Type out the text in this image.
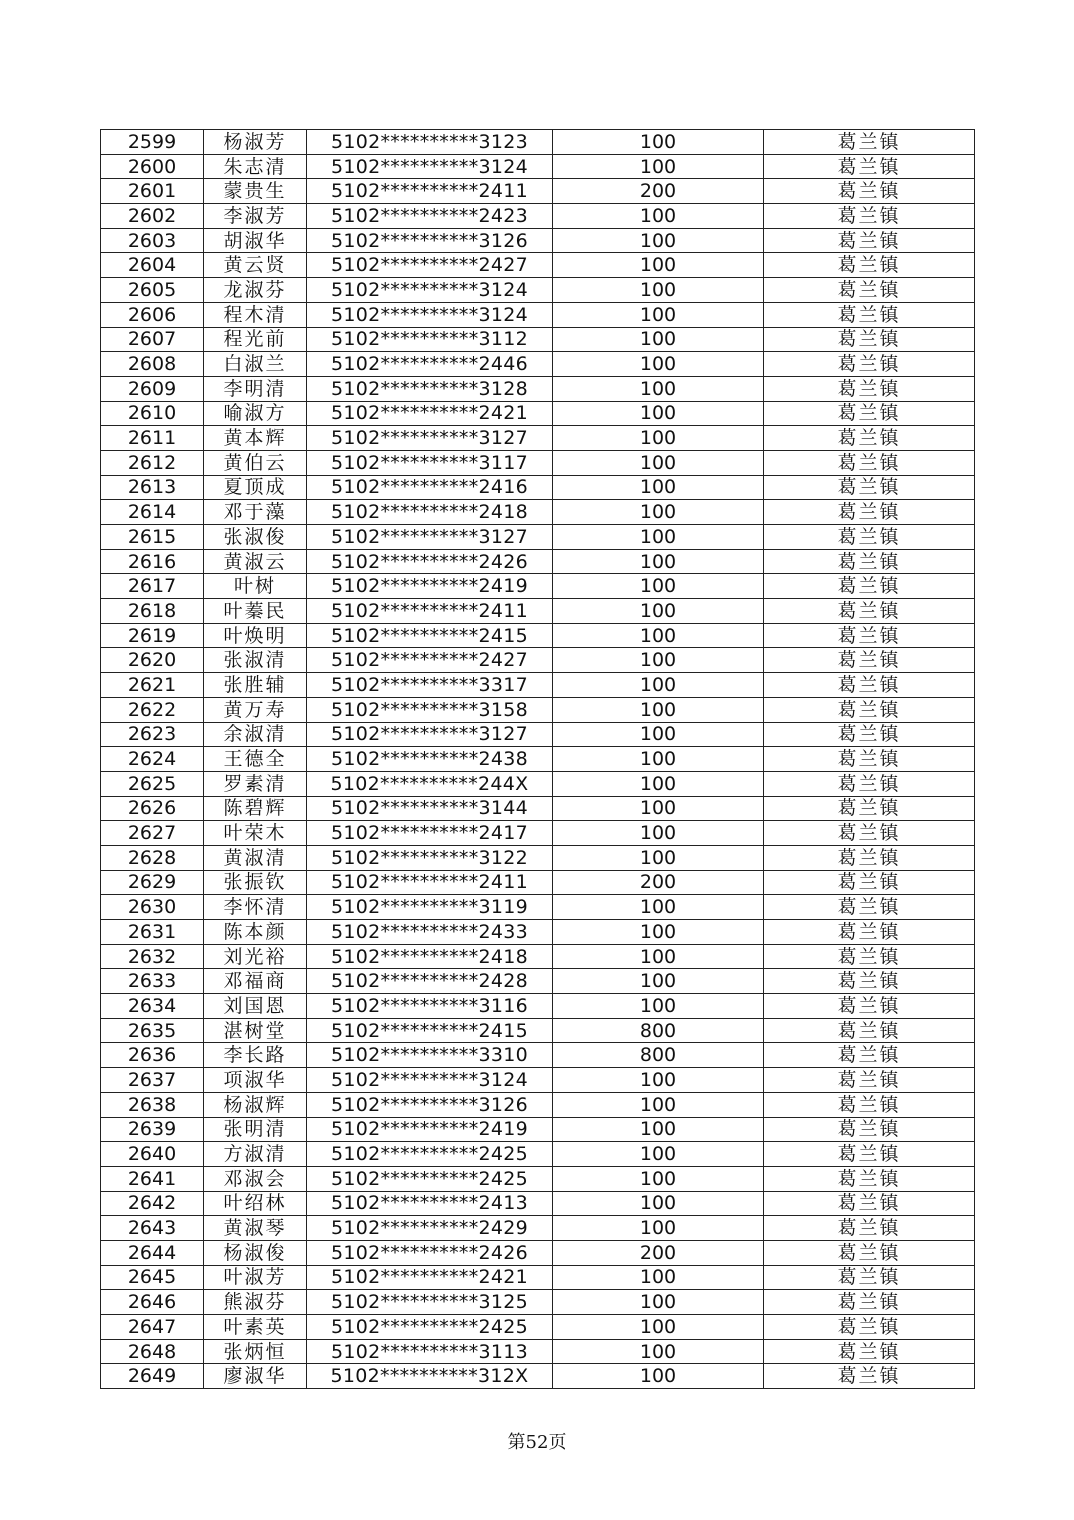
2599	杨淑芳	5102**********3123	100	葛兰镇
2600	朱志清	5102**********3124	100	葛兰镇
2601	蒙贵生	5102**********2411	200	葛兰镇
2602	李淑芳	5102**********2423	100	葛兰镇
2603	胡淑华	5102**********3126	100	葛兰镇
2604	黄云贤	5102**********2427	100	葛兰镇
2605	龙淑芬	5102**********3124	100	葛兰镇
2606	程木清	5102**********3124	100	葛兰镇
2607	程光前	5102**********3112	100	葛兰镇
2608	白淑兰	5102**********2446	100	葛兰镇
2609	李明清	5102**********3128	100	葛兰镇
2610	喻淑方	5102**********2421	100	葛兰镇
2611	黄本辉	5102**********3127	100	葛兰镇
2612	黄伯云	5102**********3117	100	葛兰镇
2613	夏顶成	5102**********2416	100	葛兰镇
2614	邓于藻	5102**********2418	100	葛兰镇
2615	张淑俊	5102**********3127	100	葛兰镇
2616	黄淑云	5102**********2426	100	葛兰镇
2617	叶树	5102**********2419	100	葛兰镇
2618	叶蓁民	5102**********2411	100	葛兰镇
2619	叶焕明	5102**********2415	100	葛兰镇
2620	张淑清	5102**********2427	100	葛兰镇
2621	张胜辅	5102**********3317	100	葛兰镇
2622	黄万寿	5102**********3158	100	葛兰镇
2623	余淑清	5102**********3127	100	葛兰镇
2624	王德全	5102**********2438	100	葛兰镇
2625	罗素清	5102**********244X	100	葛兰镇
2626	陈碧辉	5102**********3144	100	葛兰镇
2627	叶荣木	5102**********2417	100	葛兰镇
2628	黄淑清	5102**********3122	100	葛兰镇
2629	张振钦	5102**********2411	200	葛兰镇
2630	李怀清	5102**********3119	100	葛兰镇
2631	陈本颜	5102**********2433	100	葛兰镇
2632	刘光裕	5102**********2418	100	葛兰镇
2633	邓福商	5102**********2428	100	葛兰镇
2634	刘国恩	5102**********3116	100	葛兰镇
2635	湛树堂	5102**********2415	800	葛兰镇
2636	李长路	5102**********3310	800	葛兰镇
2637	项淑华	5102**********3124	100	葛兰镇
2638	杨淑辉	5102**********3126	100	葛兰镇
2639	张明清	5102**********2419	100	葛兰镇
2640	方淑清	5102**********2425	100	葛兰镇
2641	邓淑会	5102**********2425	100	葛兰镇
2642	叶绍林	5102**********2413	100	葛兰镇
2643	黄淑琴	5102**********2429	100	葛兰镇
2644	杨淑俊	5102**********2426	200	葛兰镇
2645	叶淑芳	5102**********2421	100	葛兰镇
2646	熊淑芬	5102**********3125	100	葛兰镇
2647	叶素英	5102**********2425	100	葛兰镇
2648	张炳恒	5102**********3113	100	葛兰镇
2649	廖淑华	5102**********312X	100	葛兰镇
第52页
